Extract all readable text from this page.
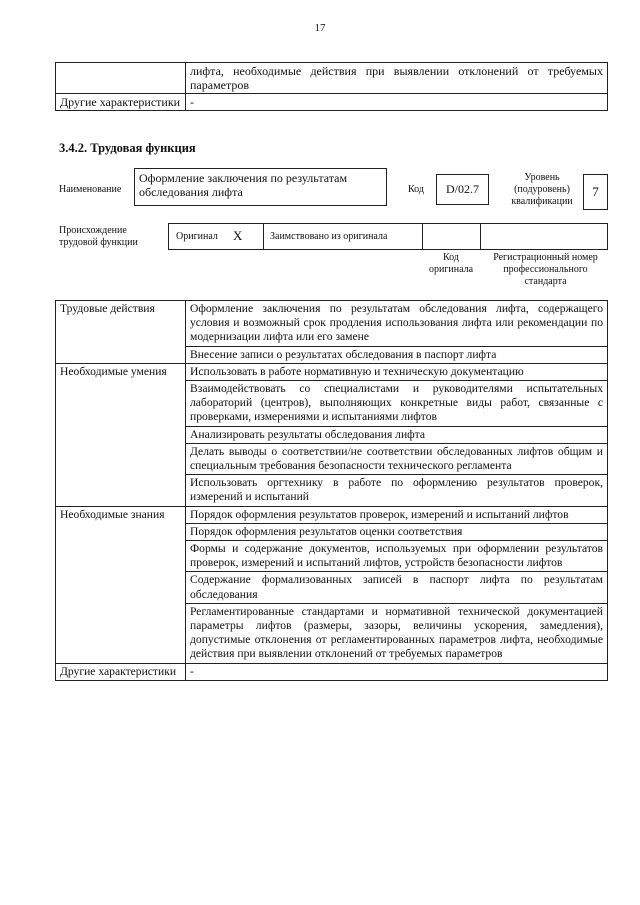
17
	лифта, необходимые действия при выявлении отклонений от требуемых параметров
Другие характеристики	-
3.4.2. Трудовая функция
Наименование
Оформление заключения по результатам обследования лифта	Код	D/02.7
Уровень (подуровень) квалификации
7
Происхождение трудовой функции
Оригинал X	Заимствовано из оригинала
Код оригинала
Регистрационный номер профессионального стандарта
Трудовые действия	Оформление заключения по результатам обследования лифта, содержащего условия и возможный срок продления использования лифта или рекомендации по модернизации лифта или его замене
	Внесение записи о результатах обследования в паспорт лифта
Необходимые умения	Использовать в работе нормативную и техническую документацию
	Взаимодействовать со специалистами и руководителями испытательных лабораторий (центров), выполняющих конкретные виды работ, связанные с проверками, измерениями и испытаниями лифтов
	Анализировать результаты обследования лифта
	Делать выводы о соответствии/не соответствии обследованных лифтов общим и специальным требования безопасности технического регламента
	Использовать оргтехнику в работе по оформлению результатов проверок, измерений и испытаний
Необходимые знания	Порядок оформления результатов проверок, измерений и испытаний лифтов
	Порядок оформления результатов оценки соответствия
	Формы и содержание документов, используемых при оформлении результатов проверок, измерений и испытаний лифтов, устройств безопасности лифтов
	Содержание формализованных записей в паспорт лифта по результатам обследования
	Регламентированные стандартами и нормативной технической документацией параметры лифтов (размеры, зазоры, величины ускорения, замедления), допустимые отклонения от регламентированных параметров лифта, необходимые действия при выявлении отклонений от требуемых параметров
Другие характеристики	-
